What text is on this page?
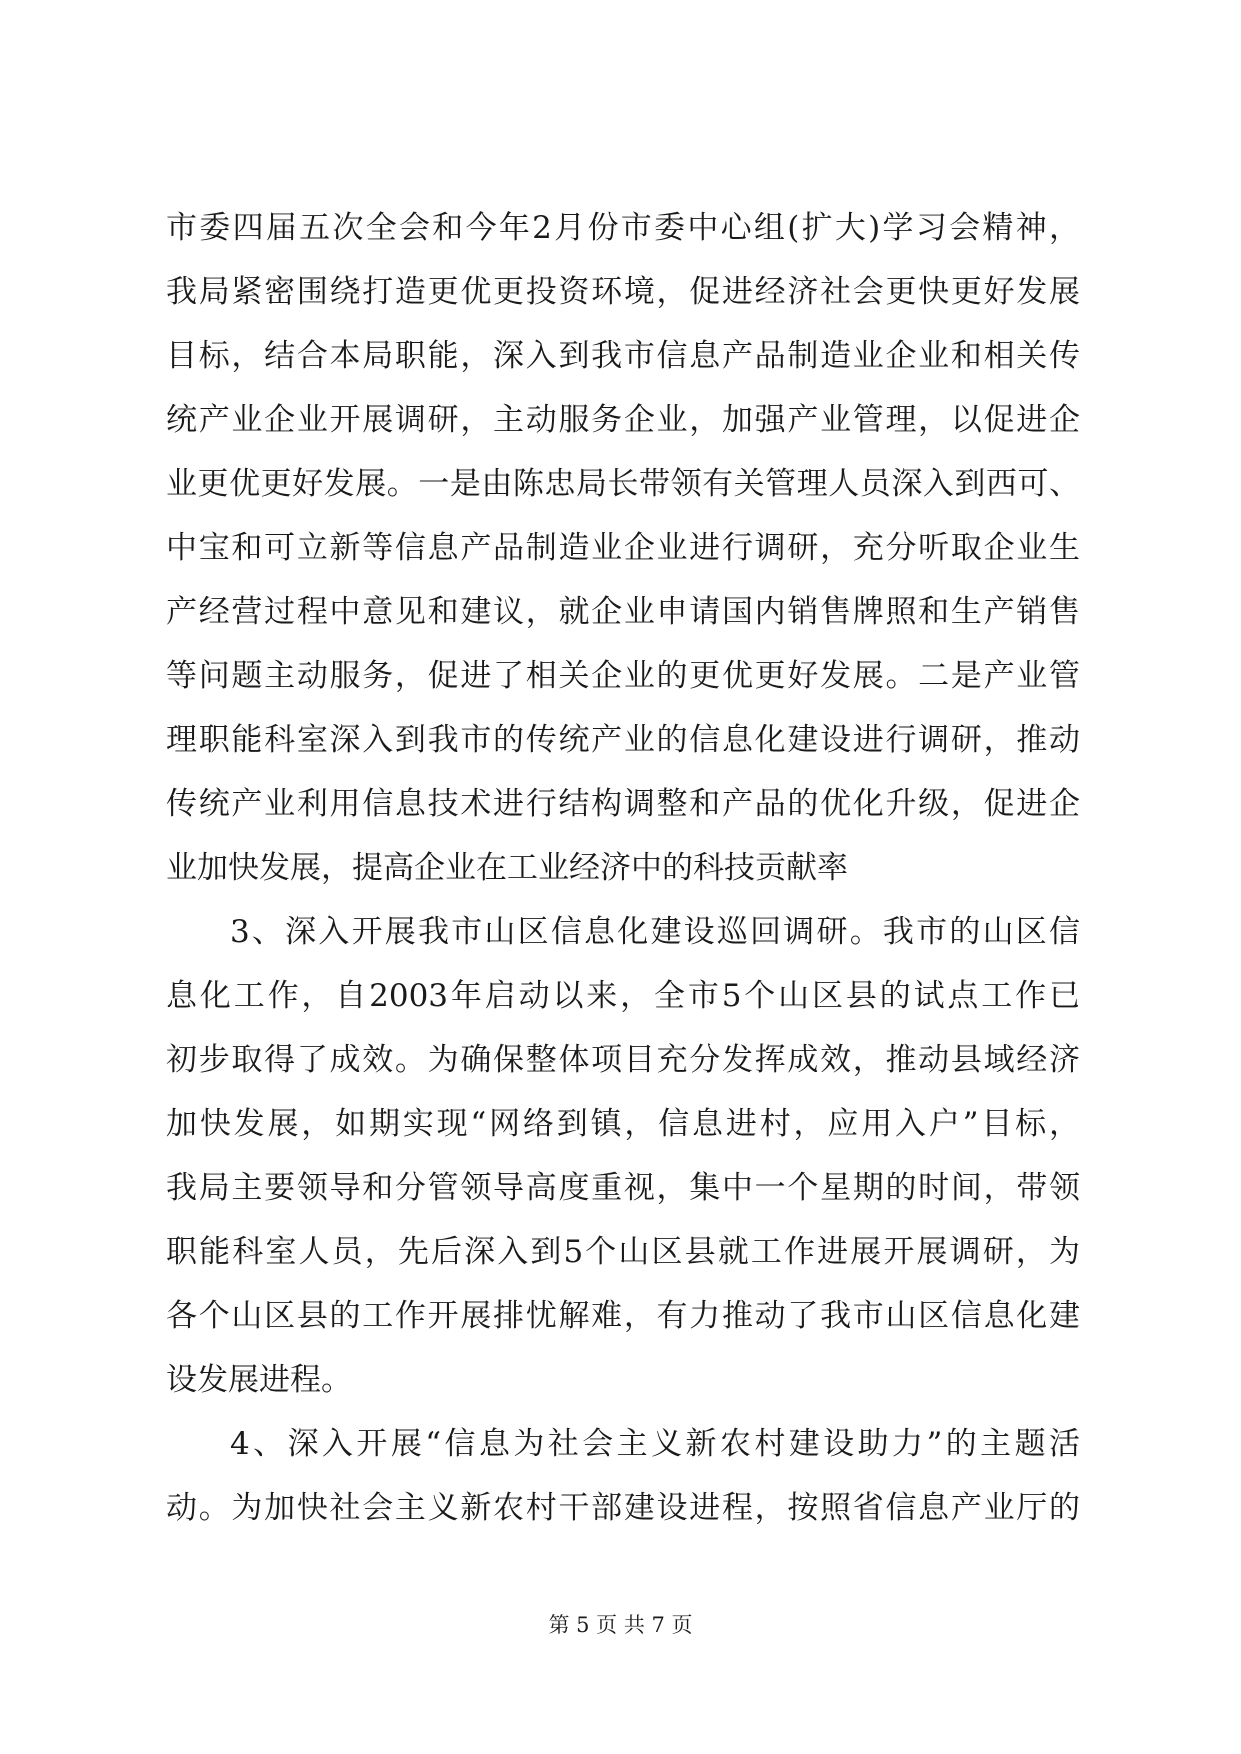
市委四届五次全会和今年2月份市委中心组(扩大)学习会精神，
我局紧密围绕打造更优更投资环境，促进经济社会更快更好发展
目标，结合本局职能，深入到我市信息产品制造业企业和相关传
统产业企业开展调研，主动服务企业，加强产业管理，以促进企
业更优更好发展。一是由陈忠局长带领有关管理人员深入到西可、
中宝和可立新等信息产品制造业企业进行调研，充分听取企业生
产经营过程中意见和建议，就企业申请国内销售牌照和生产销售
等问题主动服务，促进了相关企业的更优更好发展。二是产业管
理职能科室深入到我市的传统产业的信息化建设进行调研，推动
传统产业利用信息技术进行结构调整和产品的优化升级，促进企
业加快发展，提高企业在工业经济中的科技贡献率
3、深入开展我市山区信息化建设巡回调研。我市的山区信
息化工作，自2003年启动以来，全市5个山区县的试点工作已
初步取得了成效。为确保整体项目充分发挥成效，推动县域经济
加快发展，如期实现“网络到镇，信息进村，应用入户”目标，
我局主要领导和分管领导高度重视，集中一个星期的时间，带领
职能科室人员，先后深入到5个山区县就工作进展开展调研，为
各个山区县的工作开展排忧解难，有力推动了我市山区信息化建
设发展进程。
4、深入开展“信息为社会主义新农村建设助力”的主题活
动。为加快社会主义新农村干部建设进程，按照省信息产业厅的
第 5 页 共 7 页
